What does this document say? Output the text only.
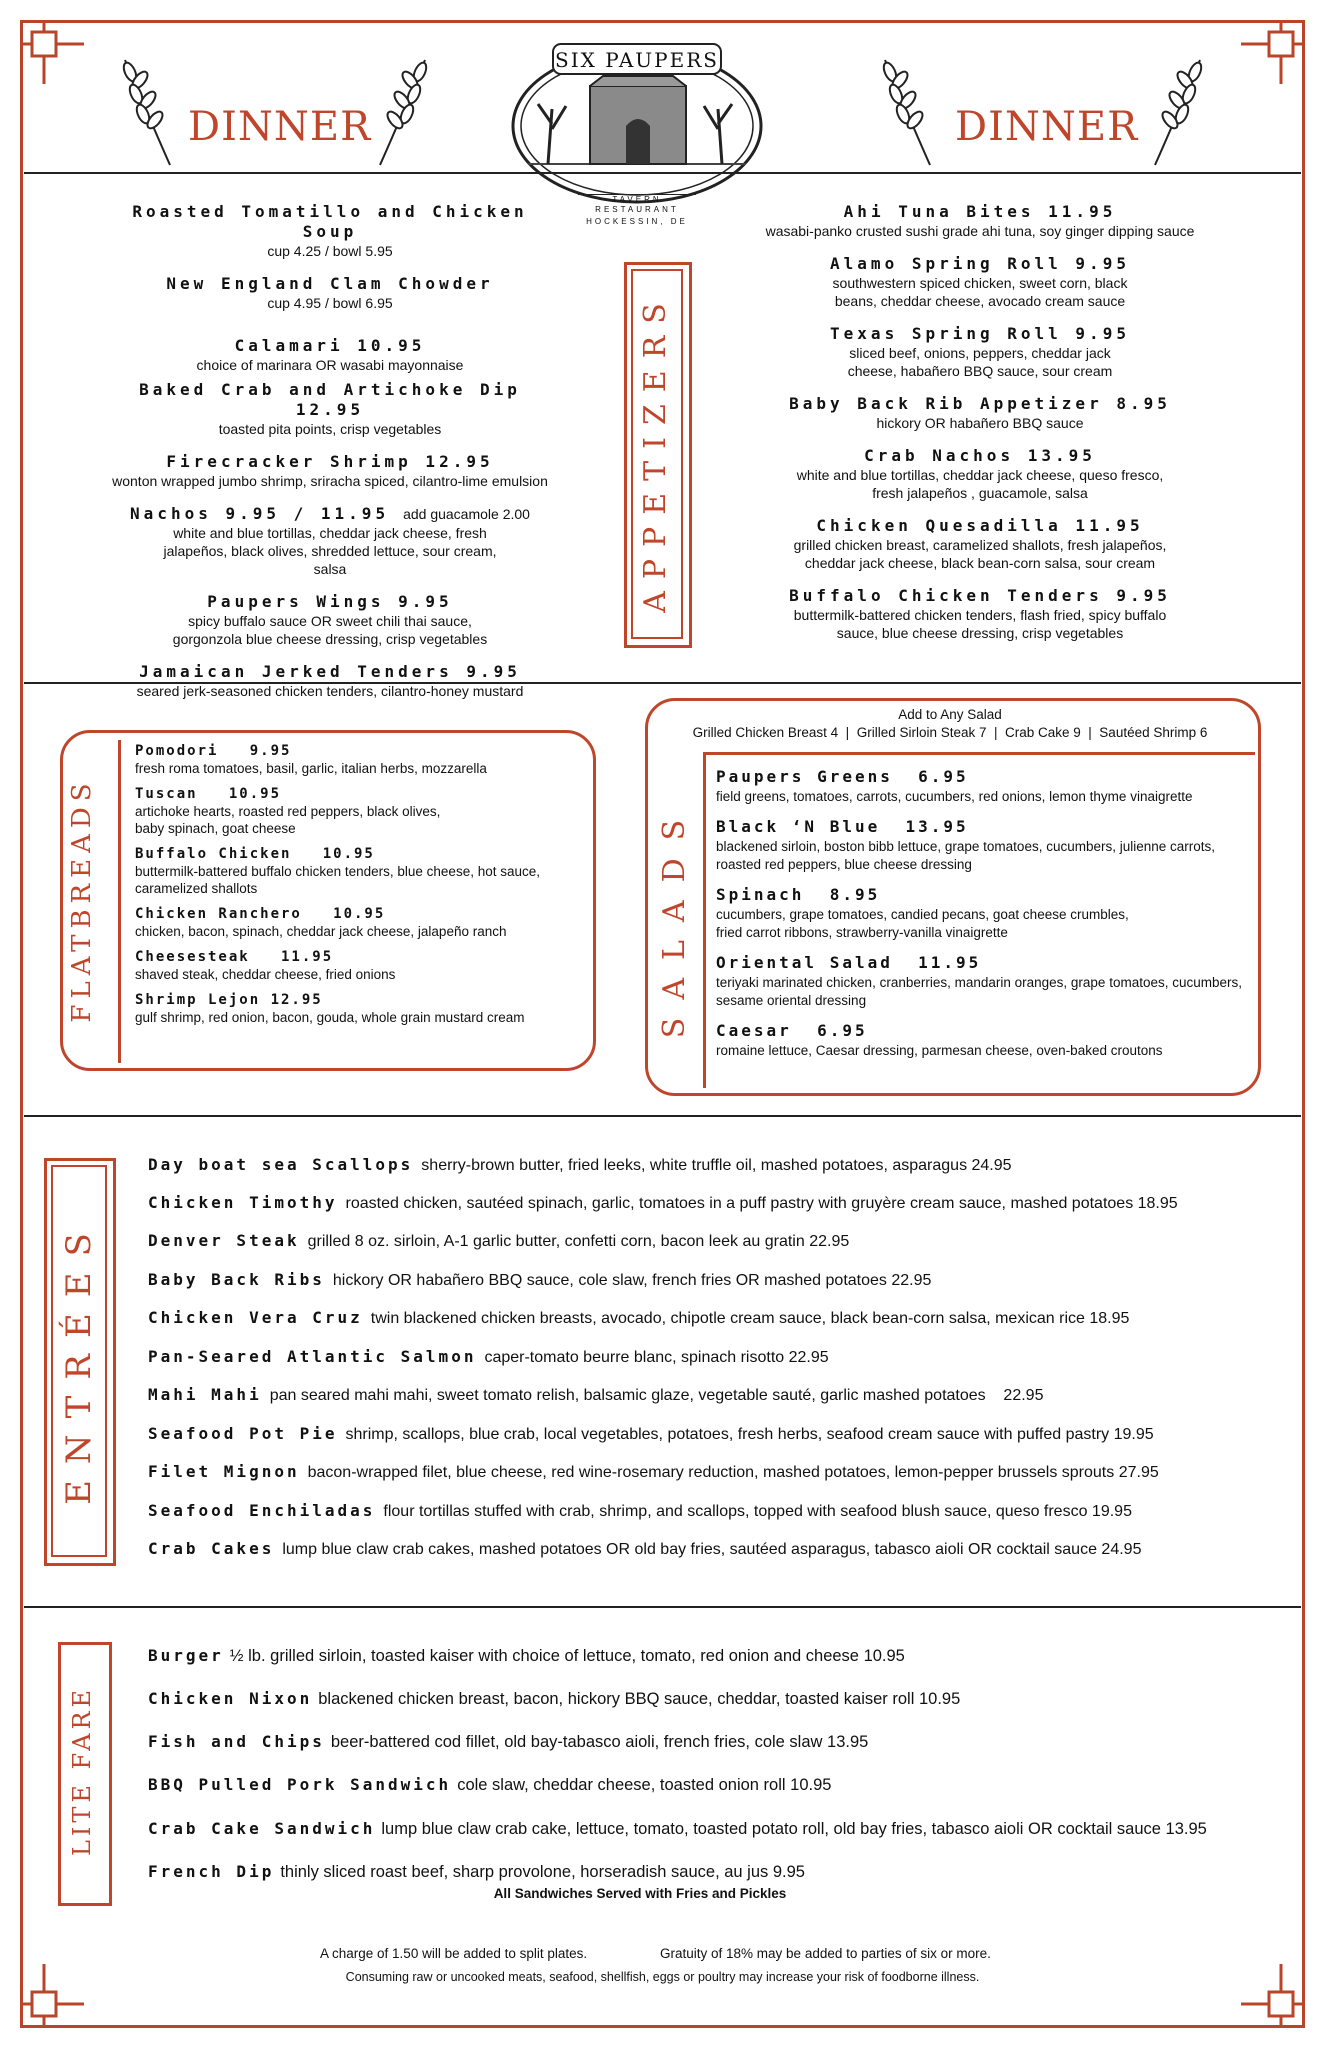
DINNER	DINNER
SIX PAUPERS
TAVERN
RESTAURANT
HOCKESSIN, DE
Roasted Tomatillo and Chicken Soup
cup 4.25 / bowl 5.95
New England Clam Chowder
cup 4.95 / bowl 6.95
Calamari 10.95
choice of marinara OR wasabi mayonnaise
Baked Crab and Artichoke Dip 12.95
toasted pita points, crisp vegetables
Firecracker Shrimp 12.95
wonton wrapped jumbo shrimp, sriracha spiced, cilantro-lime emulsion
Nachos 9.95 / 11.95 add guacamole 2.00
white and blue tortillas, cheddar jack cheese, fresh jalapeños, black olives, shredded lettuce, sour cream, salsa
Paupers Wings 9.95
spicy buffalo sauce OR sweet chili thai sauce, gorgonzola blue cheese dressing, crisp vegetables
Jamaican Jerked Tenders 9.95
seared jerk-seasoned chicken tenders, cilantro-honey mustard
APPETIZERS
Ahi Tuna Bites 11.95
wasabi-panko crusted sushi grade ahi tuna, soy ginger dipping sauce
Alamo Spring Roll 9.95
southwestern spiced chicken, sweet corn, black beans, cheddar cheese, avocado cream sauce
Texas Spring Roll 9.95
sliced beef, onions, peppers, cheddar jack cheese, habañero BBQ sauce, sour cream
Baby Back Rib Appetizer 8.95
hickory OR habañero BBQ sauce
Crab Nachos 13.95
white and blue tortillas, cheddar jack cheese, queso fresco, fresh jalapeños , guacamole, salsa
Chicken Quesadilla 11.95
grilled chicken breast, caramelized shallots, fresh jalapeños, cheddar jack cheese, black bean-corn salsa, sour cream
Buffalo Chicken Tenders 9.95
buttermilk-battered chicken tenders, flash fried, spicy buffalo sauce, blue cheese dressing, crisp vegetables
FLATBREADS
Pomodori   9.95
fresh roma tomatoes, basil, garlic, italian herbs, mozzarella
Tuscan   10.95
artichoke hearts, roasted red peppers, black olives, baby spinach, goat cheese
Buffalo Chicken   10.95
buttermilk-battered buffalo chicken tenders, blue cheese, hot sauce, caramelized shallots
Chicken Ranchero   10.95
chicken, bacon, spinach, cheddar jack cheese, jalapeño ranch
Cheesesteak   11.95
shaved steak, cheddar cheese, fried onions
Shrimp Lejon 12.95
gulf shrimp, red onion, bacon, gouda, whole grain mustard cream
Add to Any Salad
Grilled Chicken Breast 4  |  Grilled Sirloin Steak 7  |  Crab Cake 9  |  Sautéed Shrimp 6
SALADS
Paupers Greens  6.95
field greens, tomatoes, carrots, cucumbers, red onions, lemon thyme vinaigrette
Black ‘N Blue  13.95
blackened sirloin, boston bibb lettuce, grape tomatoes, cucumbers, julienne carrots, roasted red peppers, blue cheese dressing
Spinach  8.95
cucumbers, grape tomatoes, candied pecans, goat cheese crumbles, fried carrot ribbons, strawberry-vanilla vinaigrette
Oriental Salad  11.95
teriyaki marinated chicken, cranberries, mandarin oranges, grape tomatoes, cucumbers, sesame oriental dressing
Caesar  6.95
romaine lettuce, Caesar dressing, parmesan cheese, oven-baked croutons
ENTRÉES
Day boat sea Scallops sherry-brown butter, fried leeks, white truffle oil, mashed potatoes, asparagus 24.95
Chicken Timothy roasted chicken, sautéed spinach, garlic, tomatoes in a puff pastry with gruyère cream sauce, mashed potatoes 18.95
Denver Steak grilled 8 oz. sirloin, A-1 garlic butter, confetti corn, bacon leek au gratin 22.95
Baby Back Ribs hickory OR habañero BBQ sauce, cole slaw, french fries OR mashed potatoes 22.95
Chicken Vera Cruz twin blackened chicken breasts, avocado, chipotle cream sauce, black bean-corn salsa, mexican rice 18.95
Pan-Seared Atlantic Salmon caper-tomato beurre blanc, spinach risotto 22.95
Mahi Mahi pan seared mahi mahi, sweet tomato relish, balsamic glaze, vegetable sauté, garlic mashed potatoes    22.95
Seafood Pot Pie shrimp, scallops, blue crab, local vegetables, potatoes, fresh herbs, seafood cream sauce with puffed pastry 19.95
Filet Mignon bacon-wrapped filet, blue cheese, red wine-rosemary reduction, mashed potatoes, lemon-pepper brussels sprouts 27.95
Seafood Enchiladas flour tortillas stuffed with crab, shrimp, and scallops, topped with seafood blush sauce, queso fresco 19.95
Crab Cakes lump blue claw crab cakes, mashed potatoes OR old bay fries, sautéed asparagus, tabasco aioli OR cocktail sauce 24.95
LITE FARE
Burger ½ lb. grilled sirloin, toasted kaiser with choice of lettuce, tomato, red onion and cheese 10.95
Chicken Nixon blackened chicken breast, bacon, hickory BBQ sauce, cheddar, toasted kaiser roll 10.95
Fish and Chips beer-battered cod fillet, old bay-tabasco aioli, french fries, cole slaw 13.95
BBQ Pulled Pork Sandwich cole slaw, cheddar cheese, toasted onion roll 10.95
Crab Cake Sandwich lump blue claw crab cake, lettuce, tomato, toasted potato roll, old bay fries, tabasco aioli OR cocktail sauce 13.95
French Dip thinly sliced roast beef, sharp provolone, horseradish sauce, au jus 9.95
All Sandwiches Served with Fries and Pickles
A charge of 1.50 will be added to split plates.	Gratuity of 18% may be added to parties of six or more.
Consuming raw or uncooked meats, seafood, shellfish, eggs or poultry may increase your risk of foodborne illness.
